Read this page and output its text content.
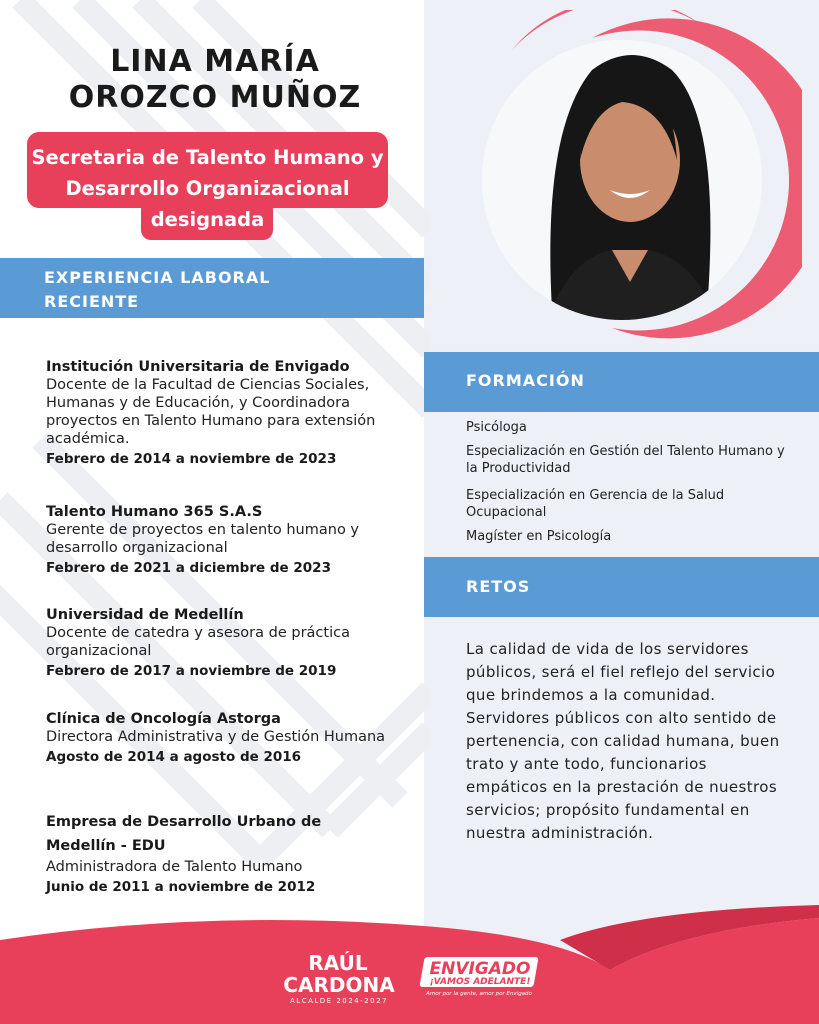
LINA MARÍA
OROZCO MUÑOZ
Secretaria de Talento Humano y
Desarrollo Organizacional
designada
EXPERIENCIA LABORAL
RECIENTE
Institución Universitaria de Envigado
Docente de la Facultad de Ciencias Sociales, Humanas y de Educación, y Coordinadora proyectos en Talento Humano para extensión académica.
Febrero de 2014 a noviembre de 2023
Talento Humano 365 S.A.S
Gerente de proyectos en talento humano y desarrollo organizacional
Febrero de 2021 a diciembre de 2023
Universidad de Medellín
Docente de catedra y asesora de práctica organizacional
Febrero de 2017 a noviembre de 2019
Clínica de Oncología Astorga
Directora Administrativa y de Gestión Humana
Agosto de 2014 a agosto de 2016
Empresa de Desarrollo Urbano de Medellín - EDU
Administradora de Talento Humano
Junio de 2011 a noviembre de 2012
FORMACIÓN
Psicóloga
Especialización en Gestión del Talento Humano y la Productividad
Especialización en Gerencia de la Salud Ocupacional
Magíster en Psicología
RETOS
La calidad de vida de los servidores públicos, será el fiel reflejo del servicio que brindemos a la comunidad. Servidores públicos con alto sentido de pertenencia, con calidad humana, buen trato y ante todo, funcionarios empáticos en la prestación de nuestros servicios; propósito fundamental en nuestra administración.
RAÚL
CARDONA
ALCALDE 2024-2027
ENVIGADO
¡VAMOS ADELANTE!
Amor por la gente, amor por Envigado
